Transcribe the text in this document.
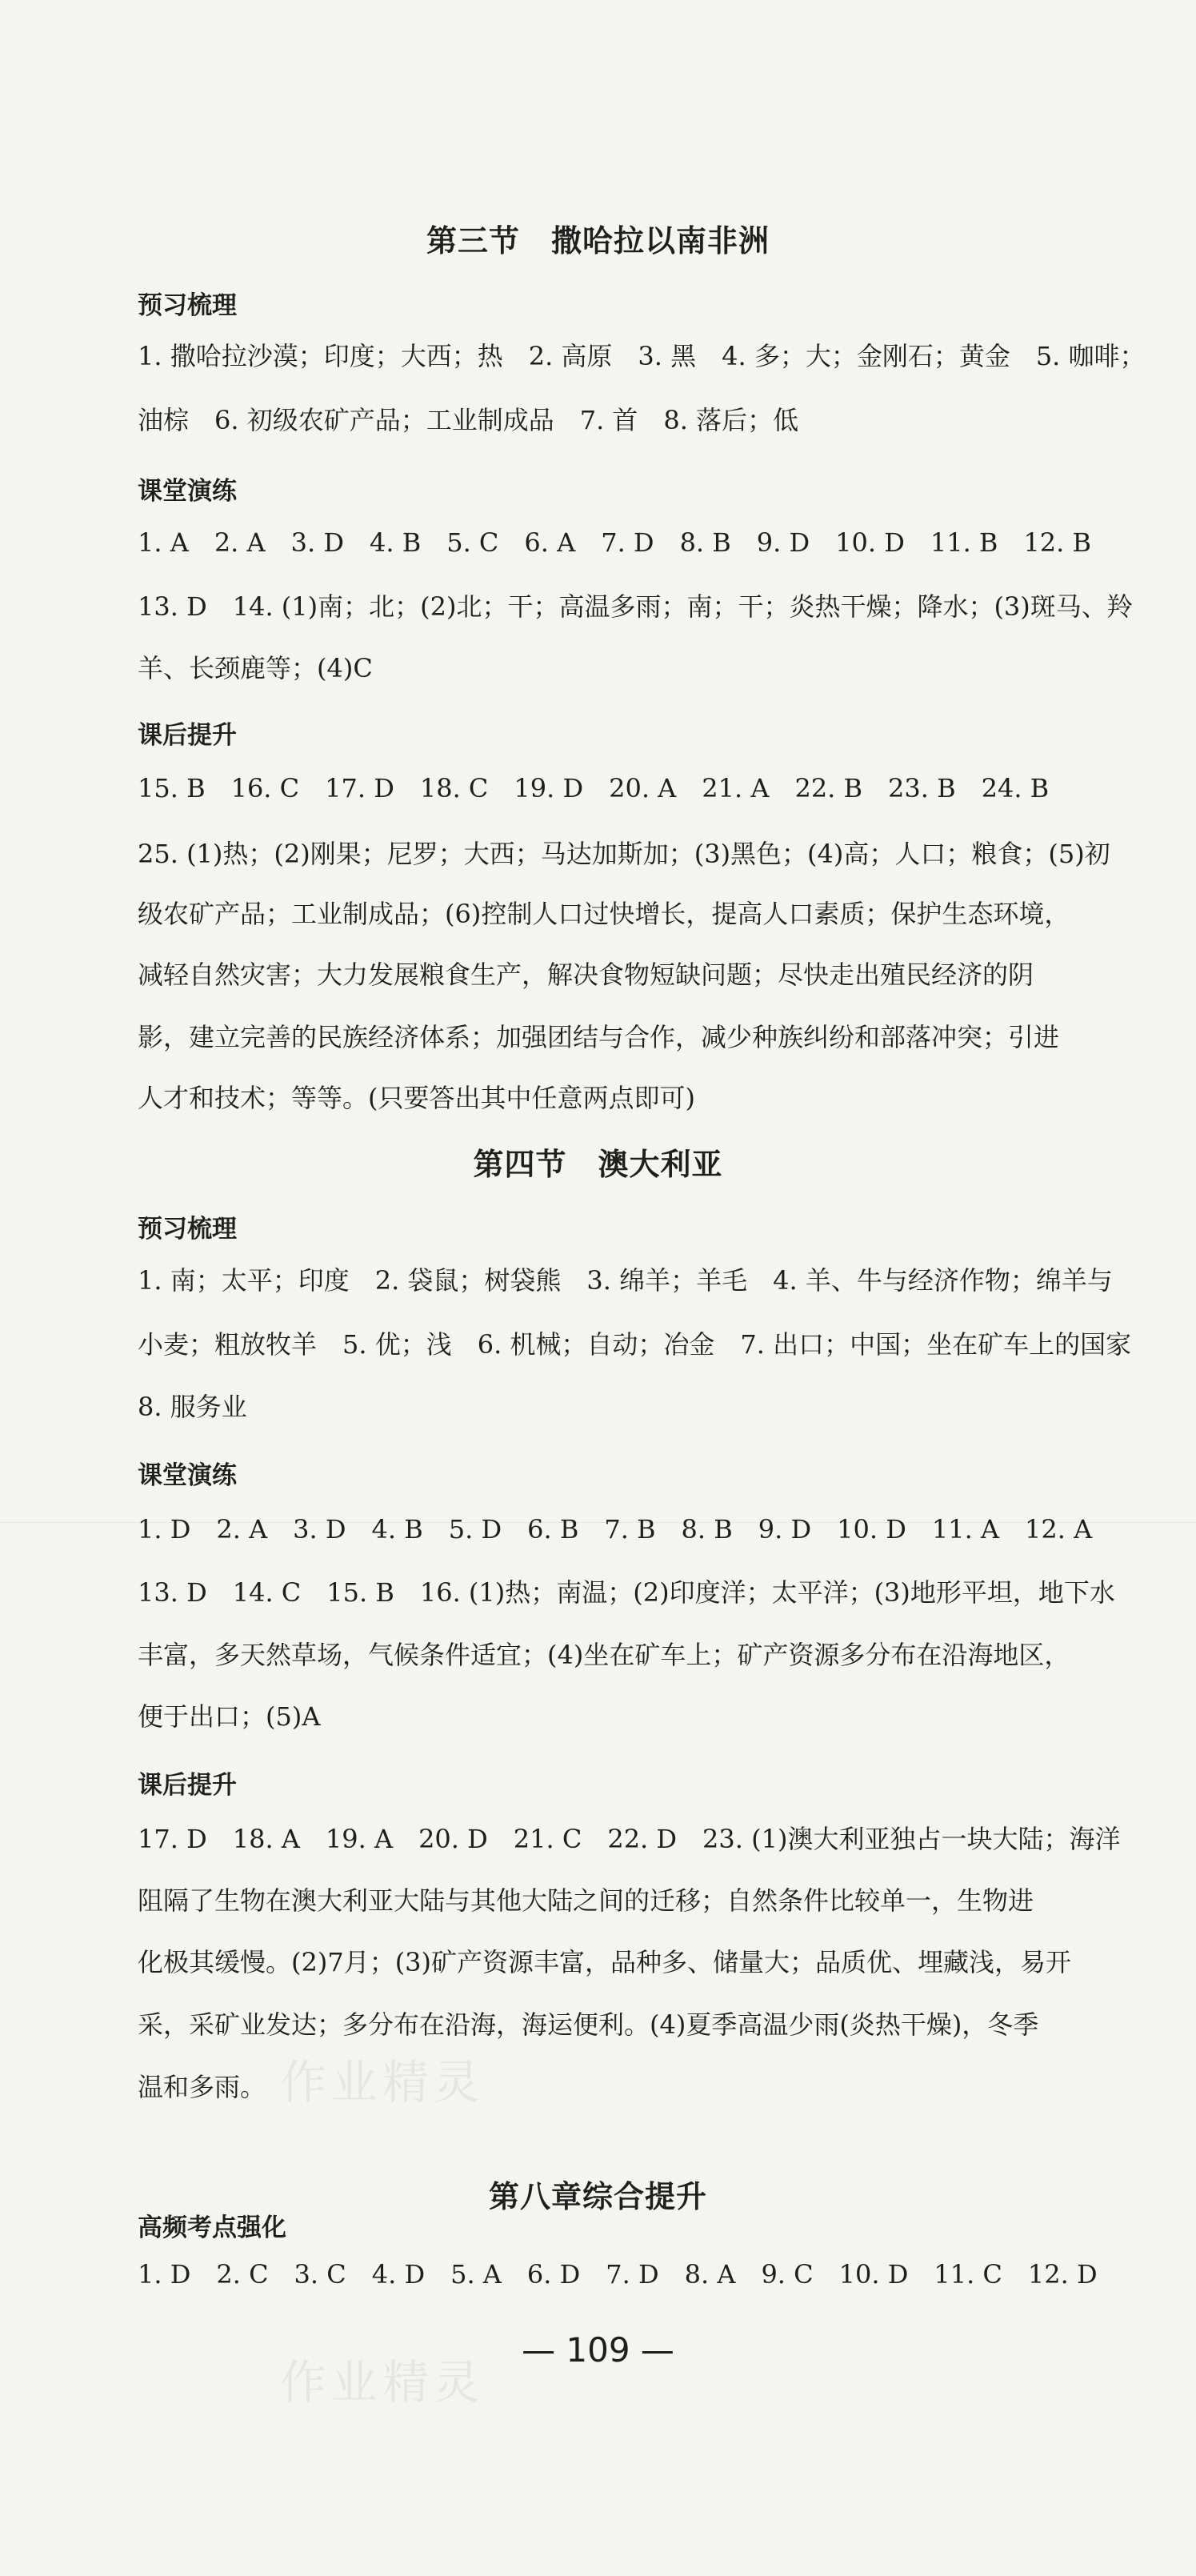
第三节　撒哈拉以南非洲
预习梳理
1. 撒哈拉沙漠；印度；大西；热　2. 高原　3. 黑　4. 多；大；金刚石；黄金　5. 咖啡；
油棕　6. 初级农矿产品；工业制成品　7. 首　8. 落后；低
课堂演练
1. A　2. A　3. D　4. B　5. C　6. A　7. D　8. B　9. D　10. D　11. B　12. B
13. D　14. (1)南；北；(2)北；干；高温多雨；南；干；炎热干燥；降水；(3)斑马、羚
羊、长颈鹿等；(4)C
课后提升
15. B　16. C　17. D　18. C　19. D　20. A　21. A　22. B　23. B　24. B
25. (1)热；(2)刚果；尼罗；大西；马达加斯加；(3)黑色；(4)高；人口；粮食；(5)初
级农矿产品；工业制成品；(6)控制人口过快增长，提高人口素质；保护生态环境，
减轻自然灾害；大力发展粮食生产，解决食物短缺问题；尽快走出殖民经济的阴
影，建立完善的民族经济体系；加强团结与合作，减少种族纠纷和部落冲突；引进
人才和技术；等等。(只要答出其中任意两点即可)
第四节　澳大利亚
预习梳理
1. 南；太平；印度　2. 袋鼠；树袋熊　3. 绵羊；羊毛　4. 羊、牛与经济作物；绵羊与
小麦；粗放牧羊　5. 优；浅　6. 机械；自动；冶金　7. 出口；中国；坐在矿车上的国家
8. 服务业
课堂演练
1. D　2. A　3. D　4. B　5. D　6. B　7. B　8. B　9. D　10. D　11. A　12. A
13. D　14. C　15. B　16. (1)热；南温；(2)印度洋；太平洋；(3)地形平坦，地下水
丰富，多天然草场，气候条件适宜；(4)坐在矿车上；矿产资源多分布在沿海地区，
便于出口；(5)A
课后提升
17. D　18. A　19. A　20. D　21. C　22. D　23. (1)澳大利亚独占一块大陆；海洋
阻隔了生物在澳大利亚大陆与其他大陆之间的迁移；自然条件比较单一，生物进
化极其缓慢。(2)7月；(3)矿产资源丰富，品种多、储量大；品质优、埋藏浅，易开
采，采矿业发达；多分布在沿海，海运便利。(4)夏季高温少雨(炎热干燥)，冬季
温和多雨。
第八章综合提升
高频考点强化
1. D　2. C　3. C　4. D　5. A　6. D　7. D　8. A　9. C　10. D　11. C　12. D
— 109 —
作业精灵
作业精灵
